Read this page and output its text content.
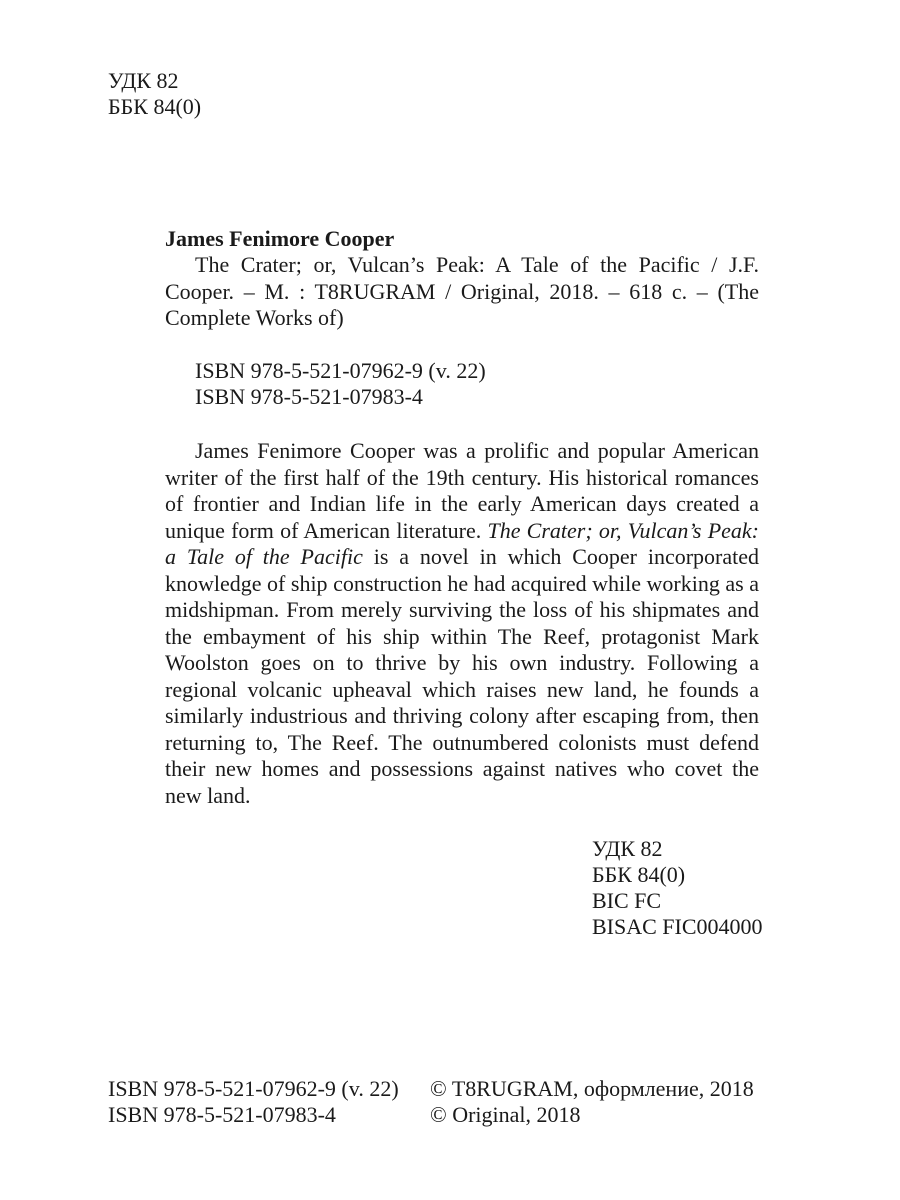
УДК 82
ББК 84(0)
James Fenimore Cooper
The Crater; or, Vulcan’s Peak: A Tale of the Pacific / J.F. Cooper. – M. : T8RUGRAM / Original, 2018. – 618 c. – (The Complete Works of)
ISBN 978-5-521-07962-9 (v. 22)
ISBN 978-5-521-07983-4
James Fenimore Cooper was a prolific and popular American writer of the first half of the 19th century. His historical romances of frontier and Indian life in the early American days created a unique form of American literature. The Crater; or, Vulcan’s Peak: a Tale of the Pacific is a novel in which Cooper incorporated knowledge of ship construction he had acquired while working as a midshipman. From merely surviving the loss of his shipmates and the embayment of his ship within The Reef, protagonist Mark Woolston goes on to thrive by his own industry. Following a regional volcanic upheaval which raises new land, he founds a similarly industrious and thriving colony after escaping from, then returning to, The Reef. The outnumbered colonists must defend their new homes and possessions against natives who covet the new land.
УДК 82
ББК 84(0)
BIC FC
BISAC FIC004000
ISBN 978-5-521-07962-9 (v. 22)
ISBN 978-5-521-07983-4
© T8RUGRAM, оформление, 2018
© Original, 2018
